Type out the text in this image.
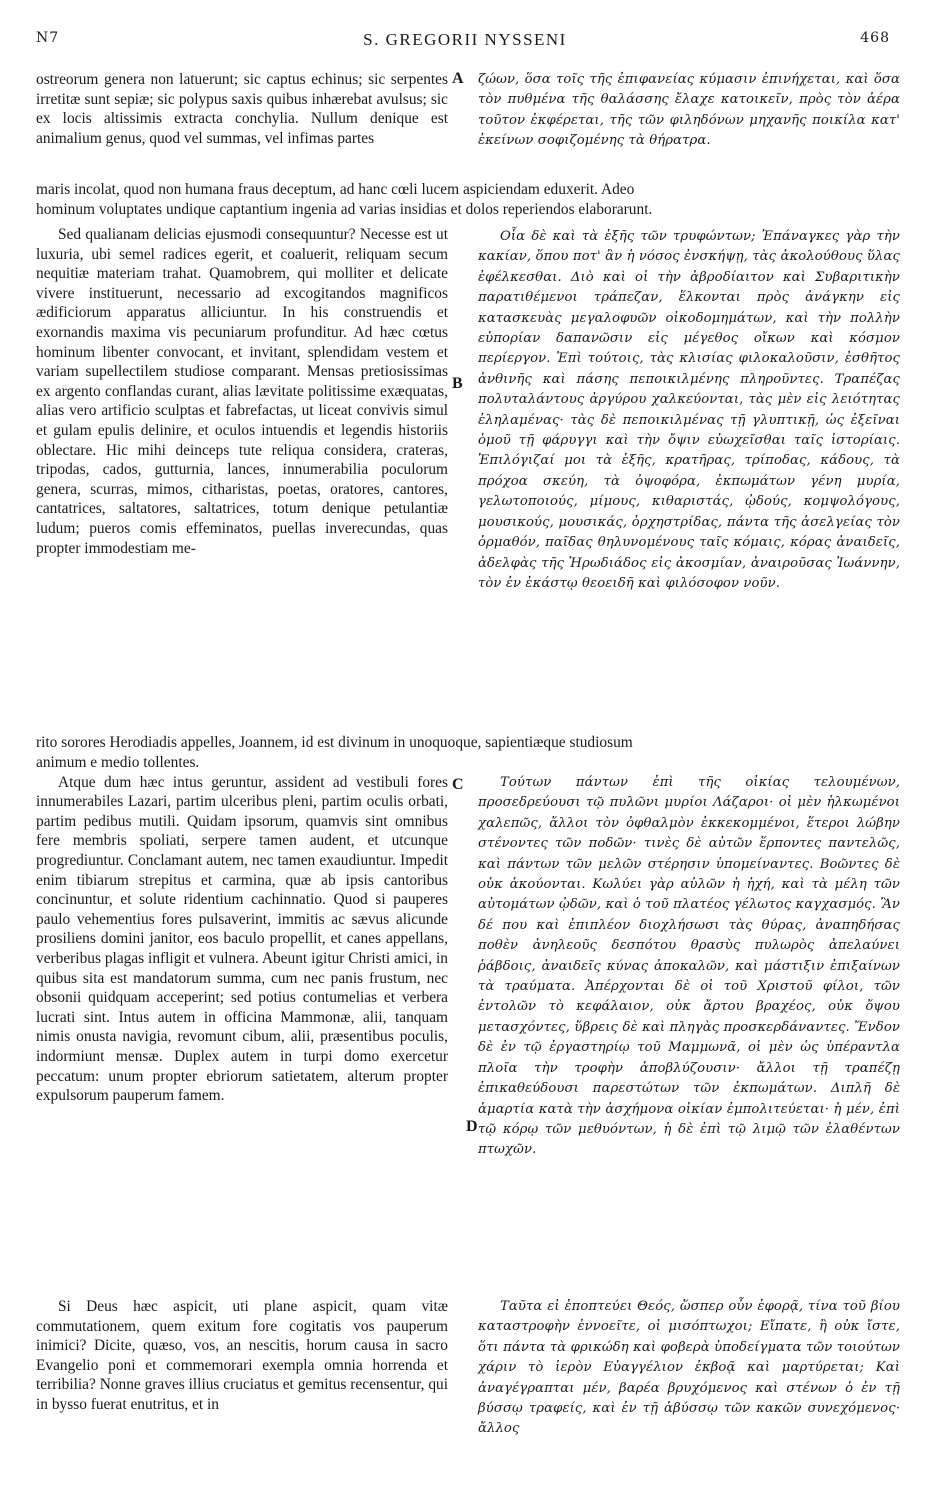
Ν7	S. GREGORII NYSSENI	468

ostreorum genera non latuerunt; sic captus echinus; sic serpentes irretitæ sunt sepiæ; sic polypus saxis quibus inhærebat avulsus; sic ex locis altissimis extracta conchylia. Nullum denique est animalium genus, quod vel summas, vel infimas partes

A ζώων, ὅσα τοῖς τῆς ἐπιφανείας κύμασιν ἐπινήχεται, καὶ ὅσα τὸν πυθμένα τῆς θαλάσσης ἔλαχε κατοικεῖν, πρὸς τὸν ἀέρα τοῦτον ἐκφέρεται, τῆς τῶν φιληδόνων μηχανῆς ποικίλα κατ' ἐκείνων σοφιζομένης τὰ θήρατρα.

maris incolat, quod non humana fraus deceptum, ad hanc cœli lucem aspiciendam eduxerit. Adeo
hominum voluptates undique captantium ingenia ad varias insidias et dolos reperiendos elaborarunt.

Sed qualianam delicias ejusmodi consequuntur? Necesse est ut luxuria, ubi semel radices egerit, et coaluerit, reliquam secum nequitiæ materiam trahat. Quamobrem, qui molliter et delicate vivere instituerunt, necessario ad excogitandos magnificos ædificiorum apparatus alliciuntur. In his construendis et exornandis maxima vis pecuniarum profunditur. Ad hæc cœtus hominum libenter convocant, et invitant, splendidam vestem et variam supellectilem studiose comparant. Mensas pretiosissimas ex argento conflandas curant, alias lævitate politissime exæquatas, alias vero artificio sculptas et fabrefactas, ut liceat convivis simul et gulam epulis delinire, et oculos intuendis et legendis historiis oblectare. Hic mihi deinceps tute reliqua considera, crateras, tripodas, cados, gutturnia, lances, innumerabilia poculorum genera, scurras, mimos, citharistas, poetas, oratores, cantores, cantatrices, saltatores, saltatrices, totum denique petulantiæ ludum; pueros comis effeminatos, puellas inverecundas, quas propter immodestiam me-

B

Οἷα δὲ καὶ τὰ ἑξῆς τῶν τρυφώντων; Ἐπάναγκες γὰρ τὴν κακίαν, ὅπου ποτ' ἂν ἡ νόσος ἐνσκήψῃ, τὰς ἀκολούθους ὕλας ἐφέλκεσθαι. Διὸ καὶ οἱ τὴν ἁβροδίαιτον καὶ Συβαριτικὴν παρατιθέμενοι τράπεζαν, ἕλκονται πρὸς ἀνάγκην εἰς κατασκευὰς μεγαλοφυῶν οἰκοδομημάτων, καὶ τὴν πολλὴν εὐπορίαν δαπανῶσιν εἰς μέγεθος οἴκων καὶ κόσμον περίεργον. Ἐπὶ τούτοις, τὰς κλισίας φιλοκαλοῦσιν, ἐσθῆτος ἀνθινῆς καὶ πάσης πεποικιλμένης πληροῦντες. Τραπέζας πολυταλάντους ἀργύρου χαλκεύονται, τὰς μὲν εἰς λειότητας ἐληλαμένας· τὰς δὲ πεποικιλμένας τῇ γλυπτικῇ, ὡς ἐξεῖναι ὁμοῦ τῇ φάρυγγι καὶ τὴν ὄψιν εὐωχεῖσθαι ταῖς ἱστορίαις. Ἐπιλόγιζαί μοι τὰ ἑξῆς, κρατῆρας, τρίποδας, κάδους, τὰ πρόχοα σκεύη, τὰ ὀψοφόρα, ἐκπωμάτων γένη μυρία, γελωτοποιούς, μίμους, κιθαριστάς, ᾠδούς, κομψολόγους, μουσικούς, μουσικάς, ὀρχηστρίδας, πάντα τῆς ἀσελγείας τὸν ὁρμαθόν, παῖδας θηλυνομένους ταῖς κόμαις, κόρας ἀναιδεῖς, ἀδελφὰς τῆς Ἡρωδιάδος εἰς ἀκοσμίαν, ἀναιροῦσας Ἰωάννην, τὸν ἐν ἑκάστῳ θεοειδῆ καὶ φιλόσοφον νοῦν.

rito sorores Herodiadis appelles, Joannem, id est divinum in unoquoque, sapientiæque studiosum

animum e medio tollentes.

Atque dum hæc intus geruntur, assident ad vestibuli fores innumerabiles Lazari, partim ulceribus pleni, partim oculis orbati, partim pedibus mutili. Quidam ipsorum, quamvis sint omnibus fere membris spoliati, serpere tamen audent, et utcunque progrediuntur. Conclamant autem, nec tamen exaudiuntur. Impedit enim tibiarum strepitus et carmina, quæ ab ipsis cantoribus concinuntur, et solute ridentium cachinnatio. Quod si pauperes paulo vehementius fores pulsaverint, immitis ac sævus alicunde prosiliens domini janitor, eos baculo propellit, et canes appellans, verberibus plagas infligit et vulnera. Abeunt igitur Christi amici, in quibus sita est mandatorum summa, cum nec panis frustum, nec obsonii quidquam acceperint; sed potius contumelias et verbera lucrati sint. Intus autem in officina Mammonæ, alii, tanquam nimis onusta navigia, revomunt cibum, alii, præsentibus poculis, indormiunt mensæ. Duplex autem in turpi domo exercetur peccatum: unum propter ebriorum satietatem, alterum propter expulsorum pauperum famem.

C
D

Τούτων πάντων ἐπὶ τῆς οἰκίας τελουμένων, προσεδρεύουσι τῷ πυλῶνι μυρίοι Λάζαροι· οἱ μὲν ἡλκωμένοι χαλεπῶς, ἄλλοι τὸν ὀφθαλμὸν ἐκκεκομμένοι, ἕτεροι λώβην στένοντες τῶν ποδῶν· τινὲς δὲ αὐτῶν ἕρποντες παντελῶς, καὶ πάντων τῶν μελῶν στέρησιν ὑπομείναντες. Βοῶντες δὲ οὐκ ἀκούονται. Κωλύει γὰρ αὐλῶν ἡ ἠχή, καὶ τὰ μέλη τῶν αὐτομάτων ᾠδῶν, καὶ ὁ τοῦ πλατέος γέλωτος καγχασμός. Ἂν δέ που καὶ ἐπιπλέον διοχλήσωσι τὰς θύρας, ἀναπηδήσας ποθὲν ἀνηλεοῦς δεσπότου θρασὺς πυλωρὸς ἀπελαύνει ῥάβδοις, ἀναιδεῖς κύνας ἀποκαλῶν, καὶ μάστιξιν ἐπιξαίνων τὰ τραύματα. Ἀπέρχονται δὲ οἱ τοῦ Χριστοῦ φίλοι, τῶν ἐντολῶν τὸ κεφάλαιον, οὐκ ἄρτου βραχέος, οὐκ ὄψου μετασχόντες, ὕβρεις δὲ καὶ πληγὰς προσκερδάναντες. Ἔνδον δὲ ἐν τῷ ἐργαστηρίῳ τοῦ Μαμμωνᾶ, οἱ μὲν ὡς ὑπέραντλα πλοῖα τὴν τροφὴν ἀποβλύζουσιν· ἄλλοι τῇ τραπέζῃ ἐπικαθεύδουσι παρεστώτων τῶν ἐκπωμάτων. Διπλῆ δὲ ἁμαρτία κατὰ τὴν ἀσχήμονα οἰκίαν ἐμπολιτεύεται· ἡ μέν, ἐπὶ τῷ κόρῳ τῶν μεθυόντων, ἡ δὲ ἐπὶ τῷ λιμῷ τῶν ἐλαθέντων πτωχῶν.

Si Deus hæc aspicit, uti plane aspicit, quam vitæ commutationem, quem exitum fore cogitatis vos pauperum inimici? Dicite, quæso, vos, an nescitis, horum causa in sacro Evangelio poni et commemorari exempla omnia horrenda et terribilia? Nonne graves illius cruciatus et gemitus recensentur, qui in bysso fuerat enutritus, et in

Ταῦτα εἰ ἐποπτεύει Θεός, ὥσπερ οὖν ἐφορᾷ, τίνα τοῦ βίου καταστροφὴν ἐννοεῖτε, οἱ μισόπτωχοι; Εἴπατε, ἢ οὐκ ἴστε, ὅτι πάντα τὰ φρικώδη καὶ φοβερὰ ὑποδείγματα τῶν τοιούτων χάριν τὸ ἱερὸν Εὐαγγέλιον ἐκβοᾷ καὶ μαρτύρεται; Καὶ ἀναγέγραπται μέν, βαρέα βρυχόμενος καὶ στένων ὁ ἐν τῇ βύσσῳ τραφείς, καὶ ἐν τῇ ἀβύσσῳ τῶν κακῶν συνεχόμενος· ἄλλος
